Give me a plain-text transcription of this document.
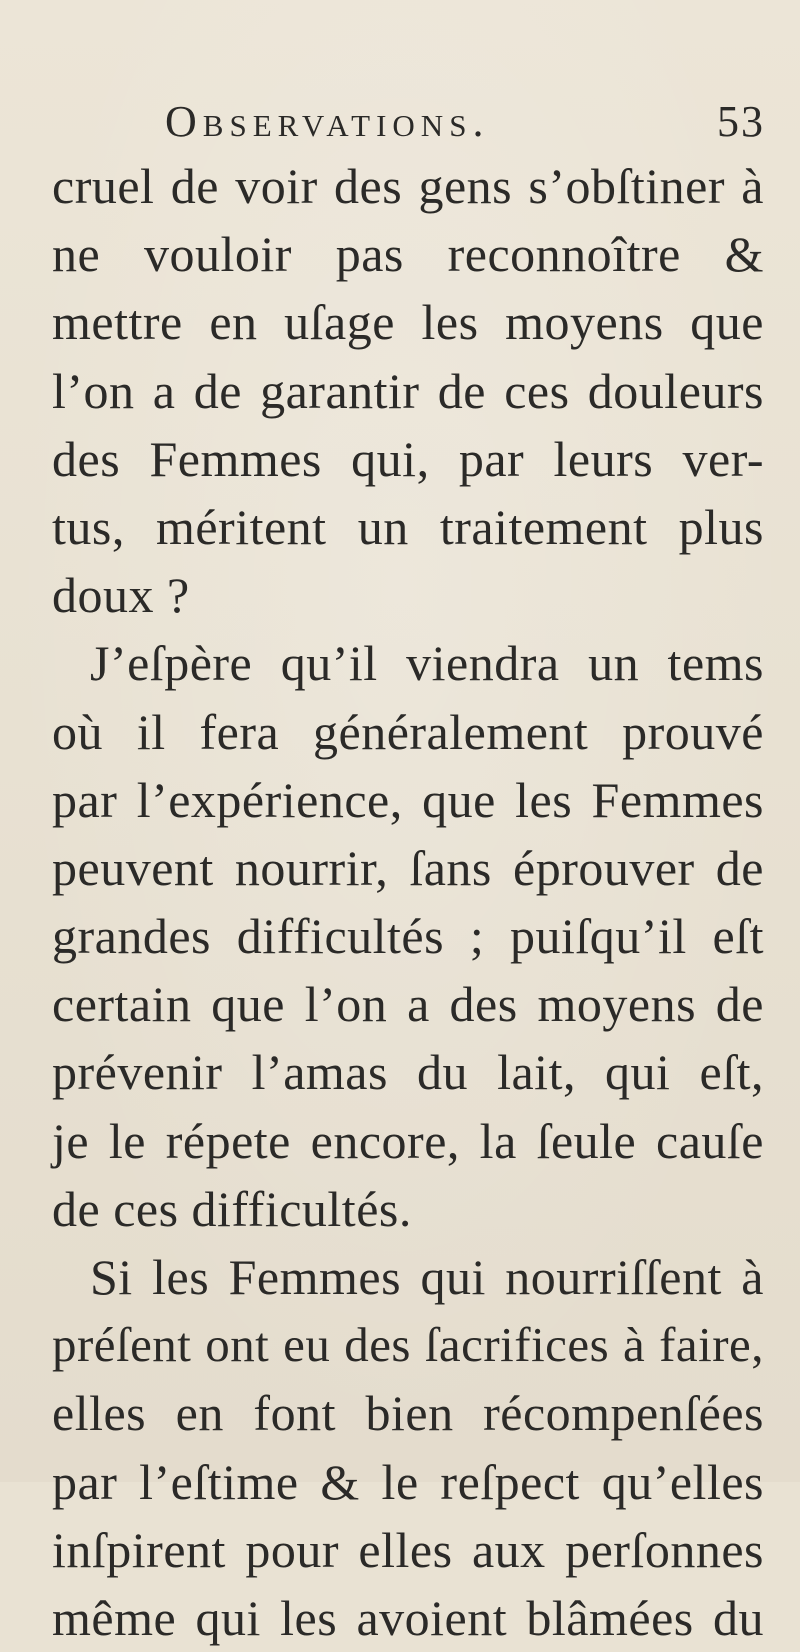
Observations.	53
cruel de voir des gens s’obſtiner à
ne vouloir pas reconnoître &
mettre en uſage les moyens que
l’on a de garantir de ces douleurs
des Femmes qui, par leurs ver-
tus, méritent un traitement plus
doux ?
J’eſpère qu’il viendra un tems
où il fera généralement prouvé
par l’expérience, que les Femmes
peuvent nourrir, ſans éprouver de
grandes difficultés ; puiſqu’il eſt
certain que l’on a des moyens de
prévenir l’amas du lait, qui eſt,
je le répete encore, la ſeule cauſe
de ces difficultés.
Si les Femmes qui nourriſſent à
préſent ont eu des ſacrifices à faire,
elles en font bien récompenſées
par l’eſtime & le reſpect qu’elles
inſpirent pour elles aux perſonnes
même qui les avoient blâmées du
